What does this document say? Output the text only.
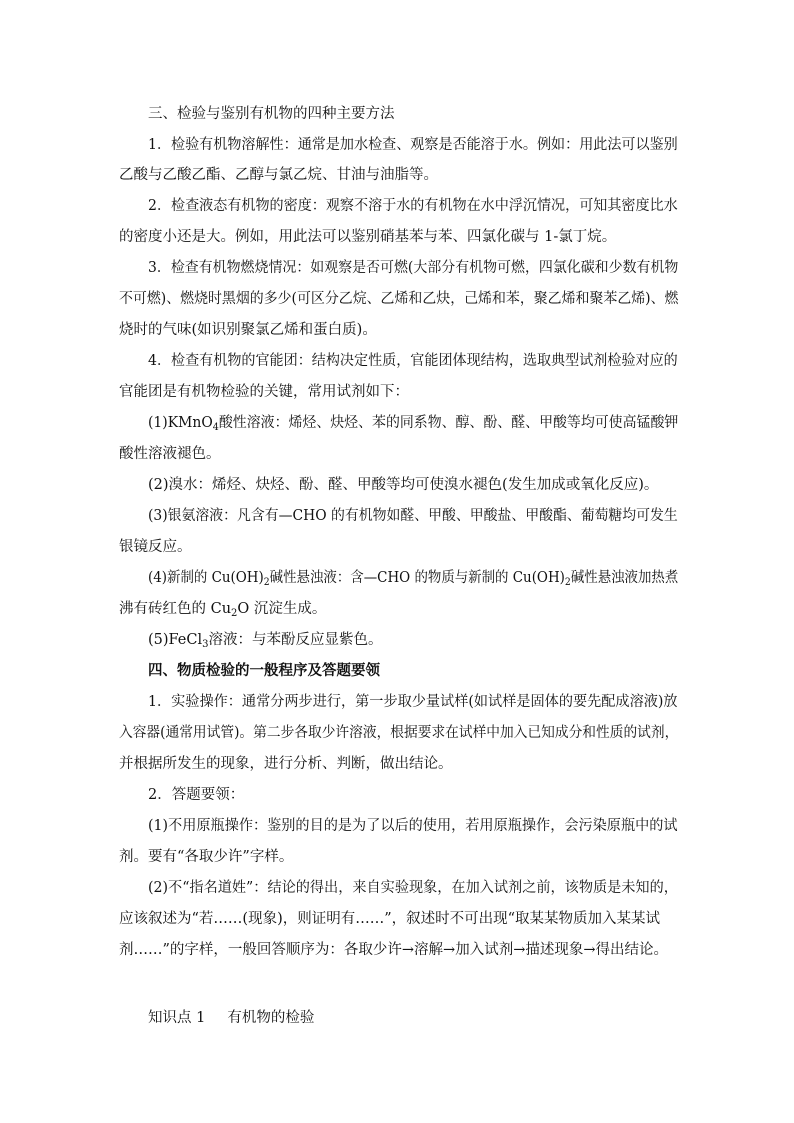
三、检验与鉴别有机物的四种主要方法
1．检验有机物溶解性：通常是加水检查、观察是否能溶于水。例如：用此法可以鉴别
乙酸与乙酸乙酯、乙醇与氯乙烷、甘油与油脂等。
2．检查液态有机物的密度：观察不溶于水的有机物在水中浮沉情况，可知其密度比水
的密度小还是大。例如，用此法可以鉴别硝基苯与苯、四氯化碳与 1-氯丁烷。
3．检查有机物燃烧情况：如观察是否可燃(大部分有机物可燃，四氯化碳和少数有机物
不可燃)、燃烧时黑烟的多少(可区分乙烷、乙烯和乙炔，己烯和苯，聚乙烯和聚苯乙烯)、燃
烧时的气味(如识别聚氯乙烯和蛋白质)。
4．检查有机物的官能团：结构决定性质，官能团体现结构，选取典型试剂检验对应的
官能团是有机物检验的关键，常用试剂如下：
(1)KMnO$_4$酸性溶液：烯烃、炔烃、苯的同系物、醇、酚、醛、甲酸等均可使高锰酸钾
酸性溶液褪色。
(2)溴水：烯烃、炔烃、酚、醛、甲酸等均可使溴水褪色(发生加成或氧化反应)。
(3)银氨溶液：凡含有—CHO 的有机物如醛、甲酸、甲酸盐、甲酸酯、葡萄糖均可发生
银镜反应。
(4)新制的 $Cu(OH)_2$碱性悬浊液：含—CHO 的物质与新制的 $Cu(OH)_2$碱性悬浊液加热煮
沸有砖红色的 $Cu_2O$ 沉淀生成。
(5)FeCl$_3$溶液：与苯酚反应显紫色。
四、物质检验的一般程序及答题要领
1．实验操作：通常分两步进行，第一步取少量试样(如试样是固体的要先配成溶液)放
入容器(通常用试管)。第二步各取少许溶液，根据要求在试样中加入已知成分和性质的试剂，
并根据所发生的现象，进行分析、判断，做出结论。
2．答题要领：
(1)不用原瓶操作：鉴别的目的是为了以后的使用，若用原瓶操作，会污染原瓶中的试
剂。要有“各取少许”字样。
(2)不“指名道姓”：结论的得出，来自实验现象，在加入试剂之前，该物质是未知的，
应该叙述为“若……(现象)，则证明有……”，叙述时不可出现“取某某物质加入某某试
剂……”的字样，一般回答顺序为：各取少许→溶解→加入试剂→描述现象→得出结论。
知识点 1 有机物的检验
